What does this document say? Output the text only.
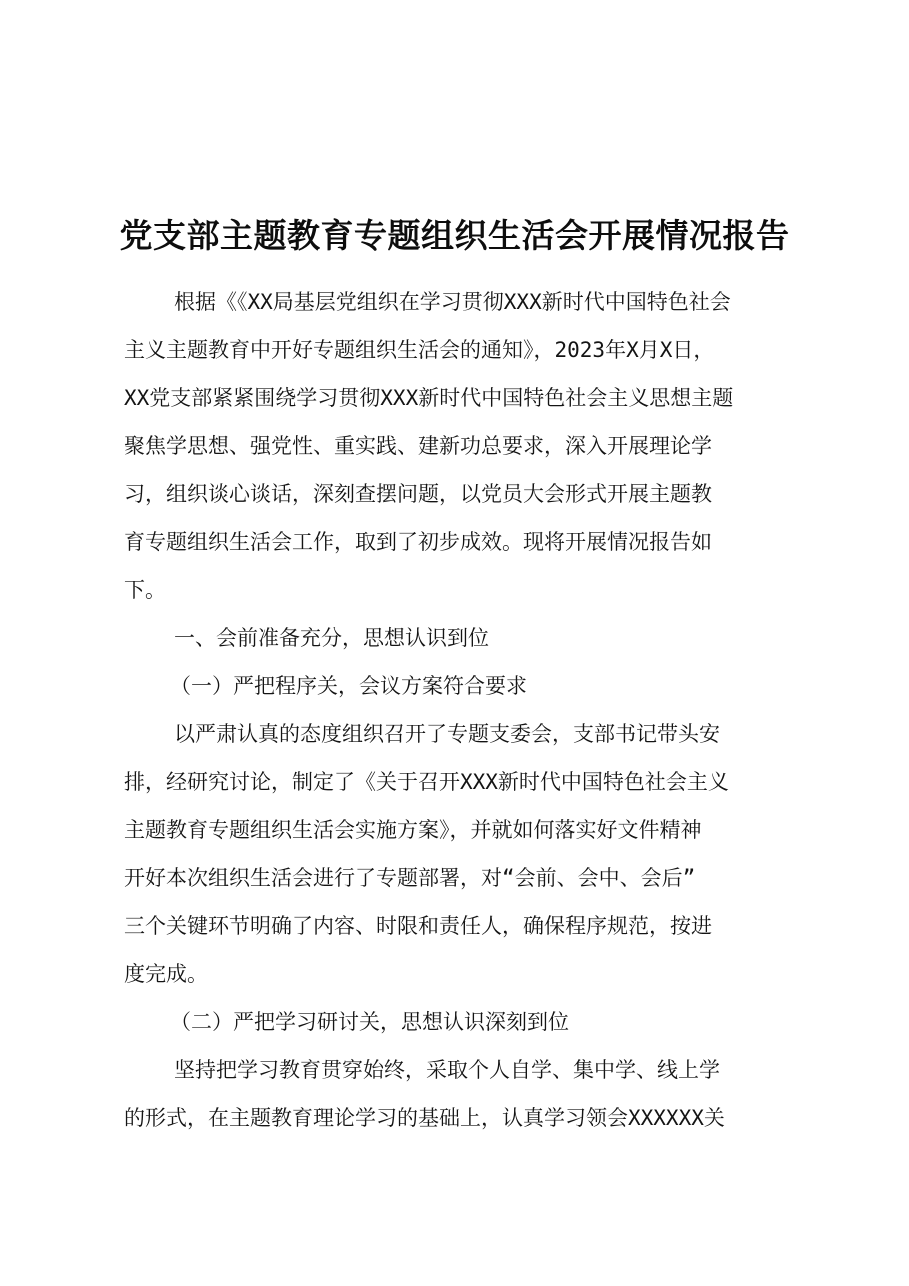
党支部主题教育专题组织生活会开展情况报告

根据《《XX局基层党组织在学习贯彻XXX新时代中国特色社会
主义主题教育中开好专题组织生活会的通知》，2023年X月X日，
XX党支部紧紧围绕学习贯彻XXX新时代中国特色社会主义思想主题
聚焦学思想、强党性、重实践、建新功总要求，深入开展理论学
习，组织谈心谈话，深刻查摆问题，以党员大会形式开展主题教
育专题组织生活会工作，取到了初步成效。现将开展情况报告如
下。

一、会前准备充分，思想认识到位

（一）严把程序关，会议方案符合要求

以严肃认真的态度组织召开了专题支委会，支部书记带头安
排，经研究讨论，制定了《关于召开XXX新时代中国特色社会主义
主题教育专题组织生活会实施方案》，并就如何落实好文件精神
开好本次组织生活会进行了专题部署，对“会前、会中、会后”
三个关键环节明确了内容、时限和责任人，确保程序规范，按进
度完成。

（二）严把学习研讨关，思想认识深刻到位

坚持把学习教育贯穿始终，采取个人自学、集中学、线上学
的形式，在主题教育理论学习的基础上，认真学习领会XXXXXX关
